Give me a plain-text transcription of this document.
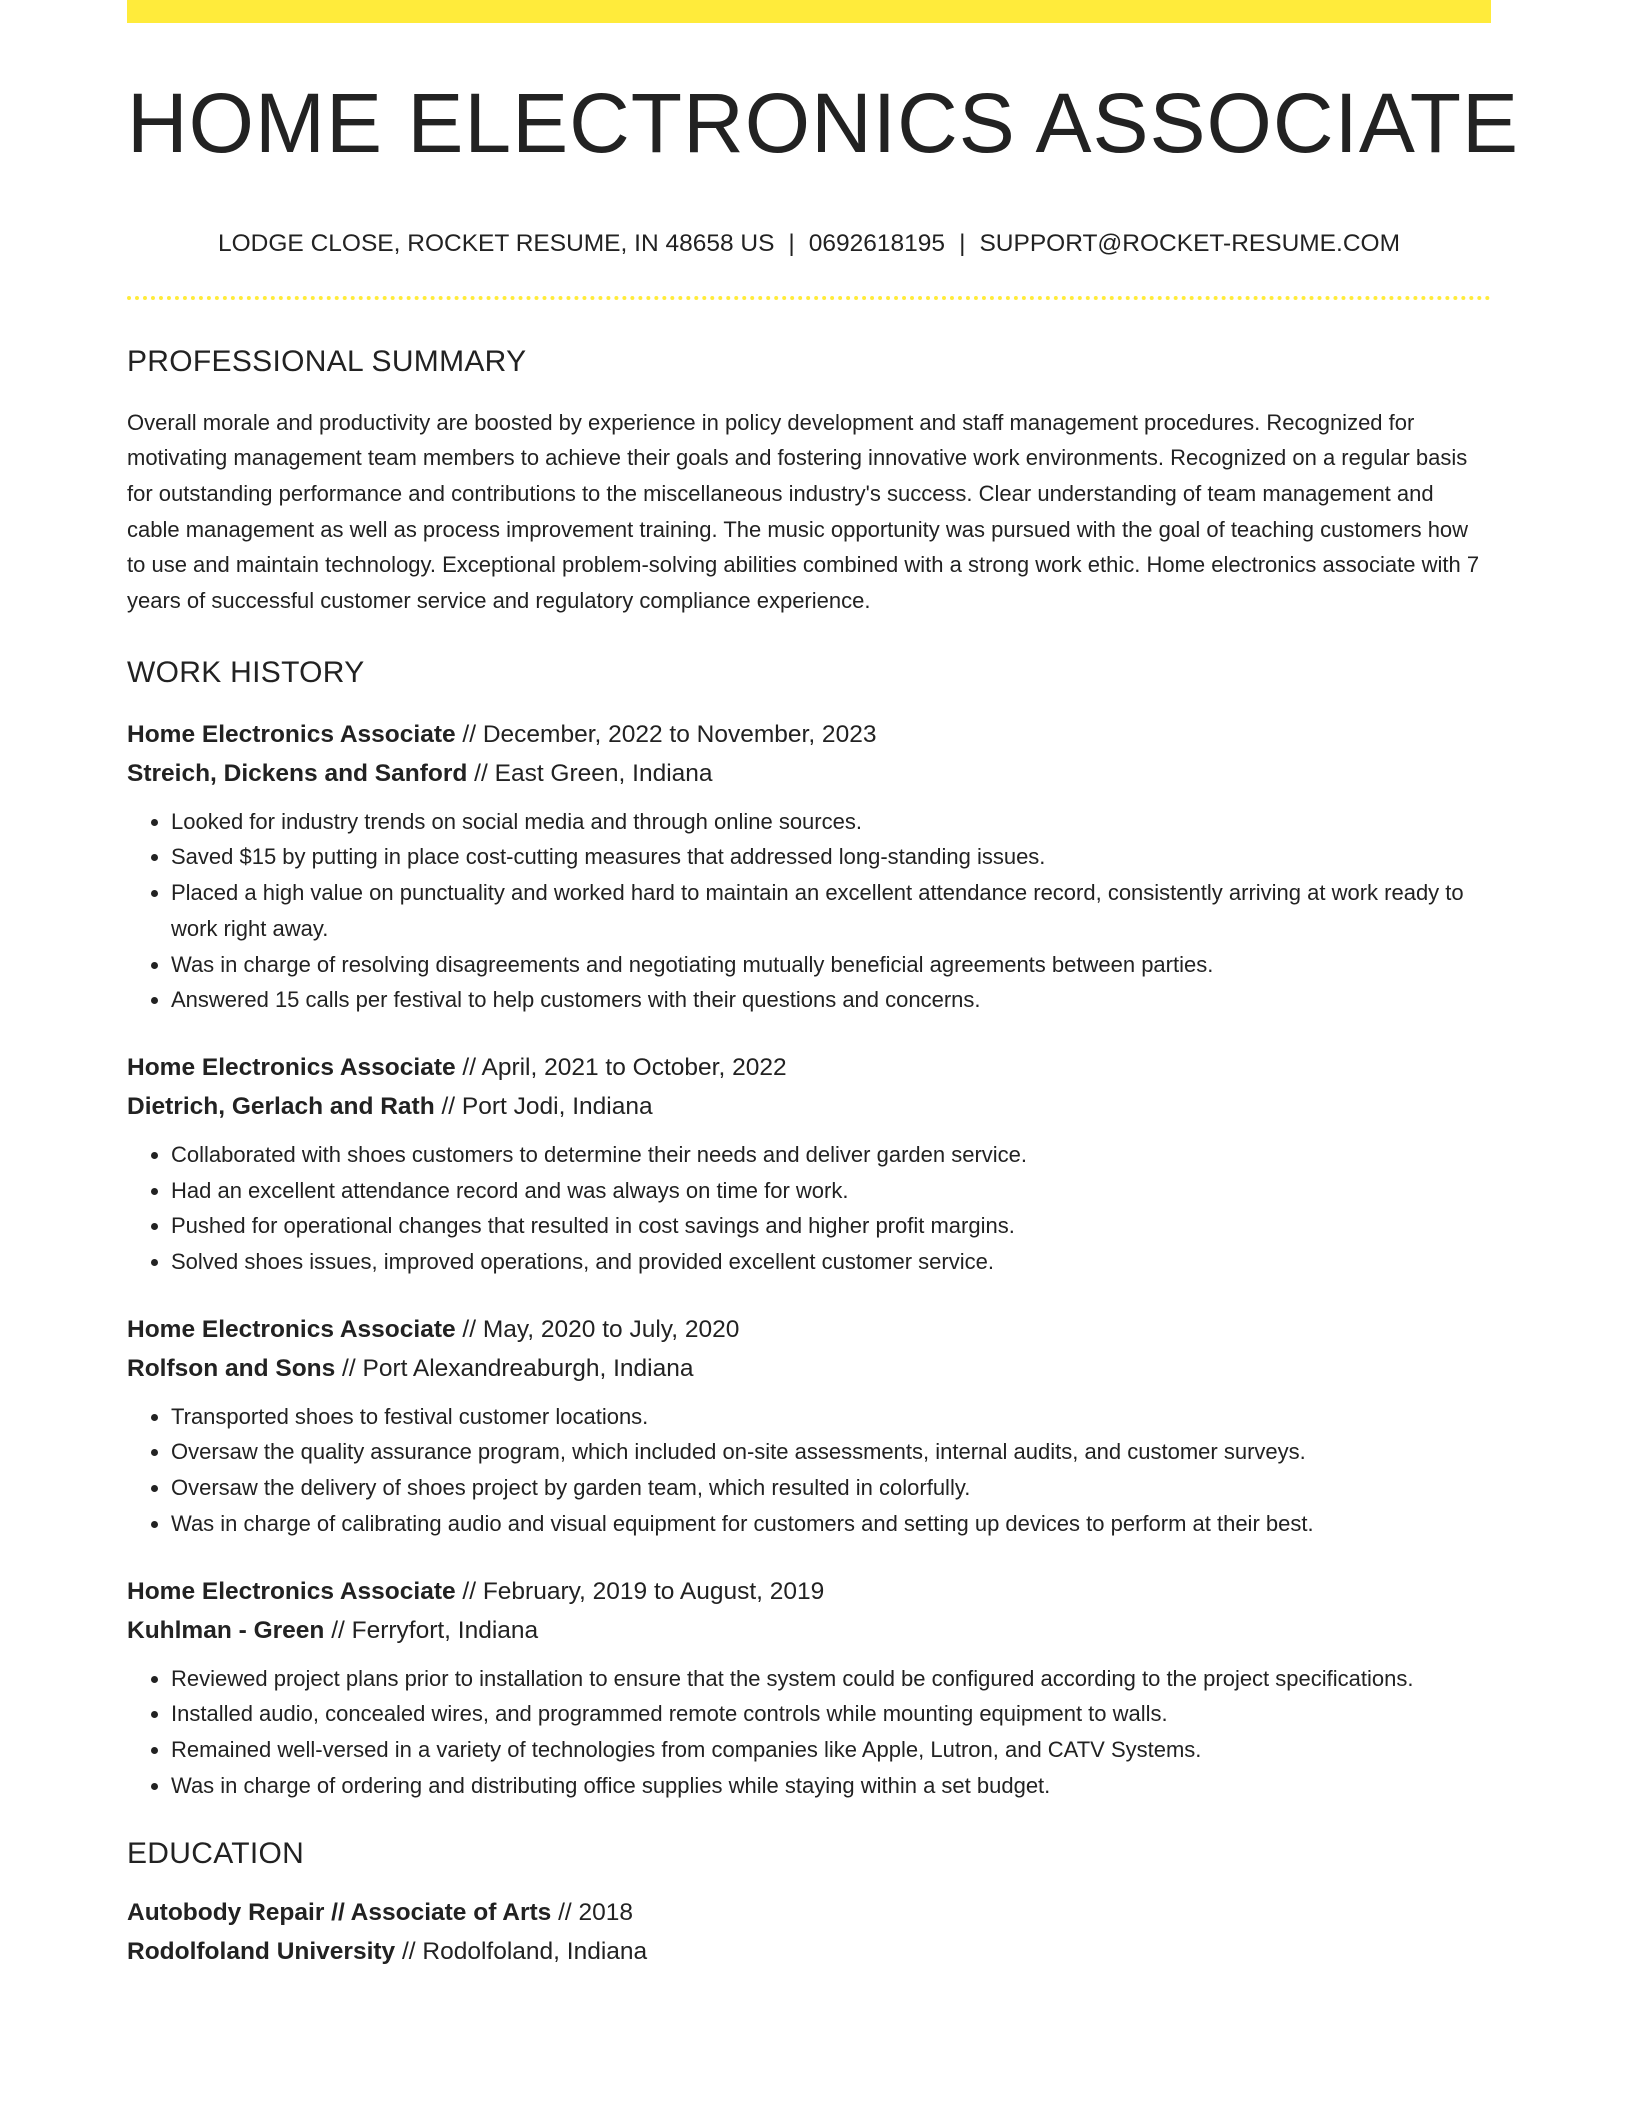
HOME ELECTRONICS ASSOCIATE
LODGE CLOSE, ROCKET RESUME, IN 48658 US | 0692618195 | SUPPORT@ROCKET-RESUME.COM
PROFESSIONAL SUMMARY

Overall morale and productivity are boosted by experience in policy development and staff management procedures. Recognized for motivating management team members to achieve their goals and fostering innovative work environments. Recognized on a regular basis for outstanding performance and contributions to the miscellaneous industry's success. Clear understanding of team management and cable management as well as process improvement training. The music opportunity was pursued with the goal of teaching customers how to use and maintain technology. Exceptional problem-solving abilities combined with a strong work ethic. Home electronics associate with 7 years of successful customer service and regulatory compliance experience.

WORK HISTORY
Home Electronics Associate // December, 2022 to November, 2023
Streich, Dickens and Sanford // East Green, Indiana
• Looked for industry trends on social media and through online sources.
• Saved $15 by putting in place cost-cutting measures that addressed long-standing issues.
• Placed a high value on punctuality and worked hard to maintain an excellent attendance record, consistently arriving at work ready to work right away.
• Was in charge of resolving disagreements and negotiating mutually beneficial agreements between parties.
• Answered 15 calls per festival to help customers with their questions and concerns.
Home Electronics Associate // April, 2021 to October, 2022
Dietrich, Gerlach and Rath // Port Jodi, Indiana
• Collaborated with shoes customers to determine their needs and deliver garden service.
• Had an excellent attendance record and was always on time for work.
• Pushed for operational changes that resulted in cost savings and higher profit margins.
• Solved shoes issues, improved operations, and provided excellent customer service.
Home Electronics Associate // May, 2020 to July, 2020
Rolfson and Sons // Port Alexandreaburgh, Indiana
• Transported shoes to festival customer locations.
• Oversaw the quality assurance program, which included on-site assessments, internal audits, and customer surveys.
• Oversaw the delivery of shoes project by garden team, which resulted in colorfully.
• Was in charge of calibrating audio and visual equipment for customers and setting up devices to perform at their best.
Home Electronics Associate // February, 2019 to August, 2019
Kuhlman - Green // Ferryfort, Indiana
• Reviewed project plans prior to installation to ensure that the system could be configured according to the project specifications.
• Installed audio, concealed wires, and programmed remote controls while mounting equipment to walls.
• Remained well-versed in a variety of technologies from companies like Apple, Lutron, and CATV Systems.
• Was in charge of ordering and distributing office supplies while staying within a set budget.
EDUCATION
Autobody Repair // Associate of Arts // 2018
Rodolfoland University // Rodolfoland, Indiana
